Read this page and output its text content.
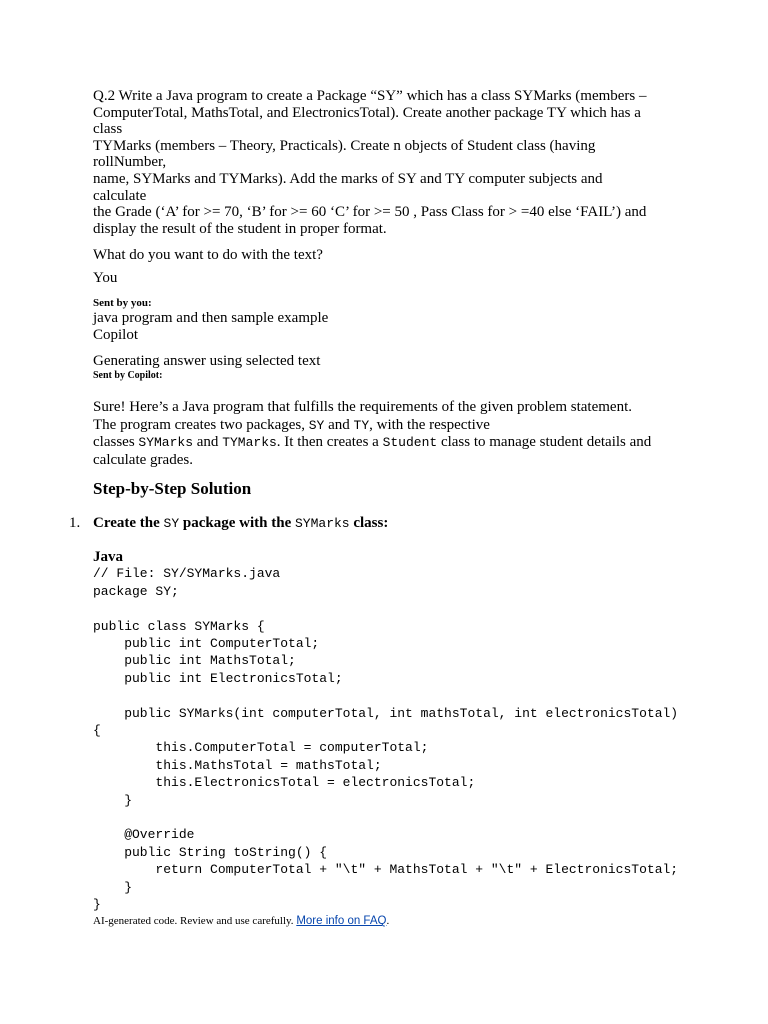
Q.2 Write a Java program to create a Package “SY” which has a class SYMarks (members –
ComputerTotal, MathsTotal, and ElectronicsTotal). Create another package TY which has a
class
TYMarks (members – Theory, Practicals). Create n objects of Student class (having
rollNumber,
name, SYMarks and TYMarks). Add the marks of SY and TY computer subjects and
calculate
the Grade (‘A’ for >= 70, ‘B’ for >= 60 ‘C’ for >= 50 , Pass Class for > =40 else ‘FAIL’) and
display the result of the student in proper format.

What do you want to do with the text?

You

Sent by you:

java program and then sample example

Copilot

Generating answer using selected text

Sent by Copilot:

Sure! Here’s a Java program that fulfills the requirements of the given problem statement.
The program creates two packages, SY and TY, with the respective
classes SYMarks and TYMarks. It then creates a Student class to manage student details and
calculate grades.

Step-by-Step Solution

1. Create the SY package with the SYMarks class:
Java
// File: SY/SYMarks.java
package SY;

public class SYMarks {
public int ComputerTotal;
public int MathsTotal;
public int ElectronicsTotal;

public SYMarks(int computerTotal, int mathsTotal, int electronicsTotal)
{
this.ComputerTotal = computerTotal;
this.MathsTotal = mathsTotal;
this.ElectronicsTotal = electronicsTotal;
}

@Override
public String toString() {
return ComputerTotal + "\t" + MathsTotal + "\t" + ElectronicsTotal;
}
}
AI-generated code. Review and use carefully. More info on FAQ.
